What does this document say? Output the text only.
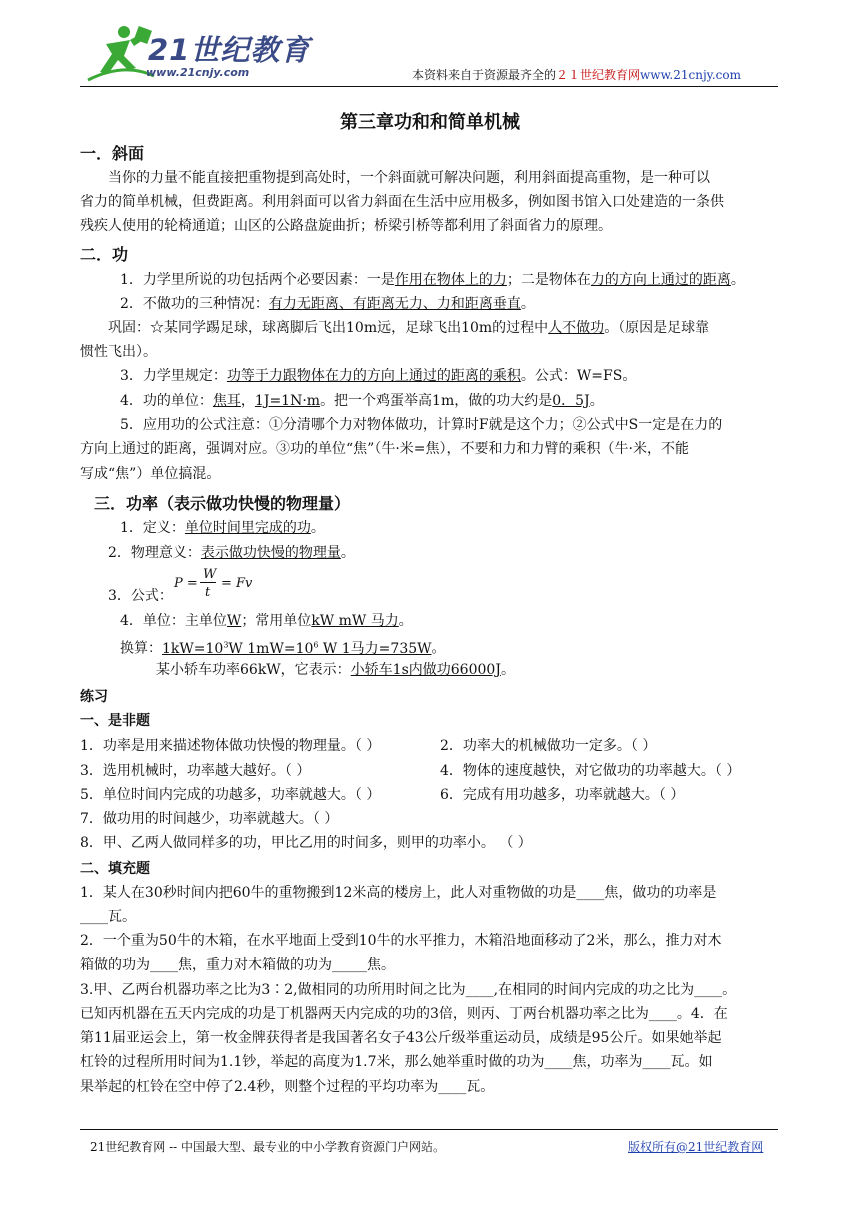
21世纪教育
www.21cnjy.com	本资料来自于资源最齐全的２１世纪教育网www.21cnjy.com
第三章功和和简单机械
一．斜面
当你的力量不能直接把重物提到高处时，一个斜面就可解决问题，利用斜面提高重物，是一种可以
省力的简单机械，但费距离。利用斜面可以省力斜面在生活中应用极多，例如图书馆入口处建造的一条供
残疾人使用的轮椅通道；山区的公路盘旋曲折；桥梁引桥等都利用了斜面省力的原理。
二．功
1．力学里所说的功包括两个必要因素：一是作用在物体上的力；二是物体在力的方向上通过的距离。
2．不做功的三种情况：有力无距离、有距离无力、力和距离垂直。
巩固：☆某同学踢足球，球离脚后飞出10m远，足球飞出10m的过程中人不做功。（原因是足球靠
惯性飞出）。
3．力学里规定：功等于力跟物体在力的方向上通过的距离的乘积。公式：W=FS。
4．功的单位：焦耳，1J=1N·m。把一个鸡蛋举高1m，做的功大约是0．5J。
5．应用功的公式注意：①分清哪个力对物体做功，计算时F就是这个力；②公式中S一定是在力的
方向上通过的距离，强调对应。③功的单位“焦”（牛·米=焦），不要和力和力臂的乘积（牛·米，不能
写成“焦”）单位搞混。
三．功率（表示做功快慢的物理量）
1．定义：单位时间里完成的功。
2．物理意义：表示做功快慢的物理量。
3．公式：
P =
W
t
= Fv
4．单位：主单位W；常用单位kW mW 马力。
换算：$1kW=10^3W$ $1mW=10^6$ W 1马力=735W。
某小轿车功率66kW，它表示：小轿车1s内做功66000J。
练习
一、是非题
1．功率是用来描述物体做功快慢的物理量。（ ）	2．功率大的机械做功一定多。（ ）
3．选用机械时，功率越大越好。（ ）	4．物体的速度越快，对它做功的功率越大。（ ）
5．单位时间内完成的功越多，功率就越大。（ ）	6．完成有用功越多，功率就越大。（ ）
7．做功用的时间越少，功率就越大。（ ）
8．甲、乙两人做同样多的功，甲比乙用的时间多，则甲的功率小。 （ ）
二、填充题
1．某人在30秒时间内把60牛的重物搬到12米高的楼房上，此人对重物做的功是____焦，做功的功率是
____瓦。
2．一个重为50牛的木箱，在水平地面上受到10牛的水平推力，木箱沿地面移动了2米，那么，推力对木
箱做的功为____焦，重力对木箱做的功为_____焦。
3.甲、乙两台机器功率之比为3∶2,做相同的功所用时间之比为____,在相同的时间内完成的功之比为____。
已知丙机器在五天内完成的功是丁机器两天内完成的功的3倍，则丙、丁两台机器功率之比为____。4．在
第11届亚运会上，第一枚金牌获得者是我国著名女子43公斤级举重运动员，成绩是95公斤。如果她举起
杠铃的过程所用时间为1.1钞，举起的高度为1.7米，那么她举重时做的功为____焦，功率为____瓦。如
果举起的杠铃在空中停了2.4秒，则整个过程的平均功率为____瓦。
21世纪教育网 -- 中国最大型、最专业的中小学教育资源门户网站。	版权所有@21世纪教育网
